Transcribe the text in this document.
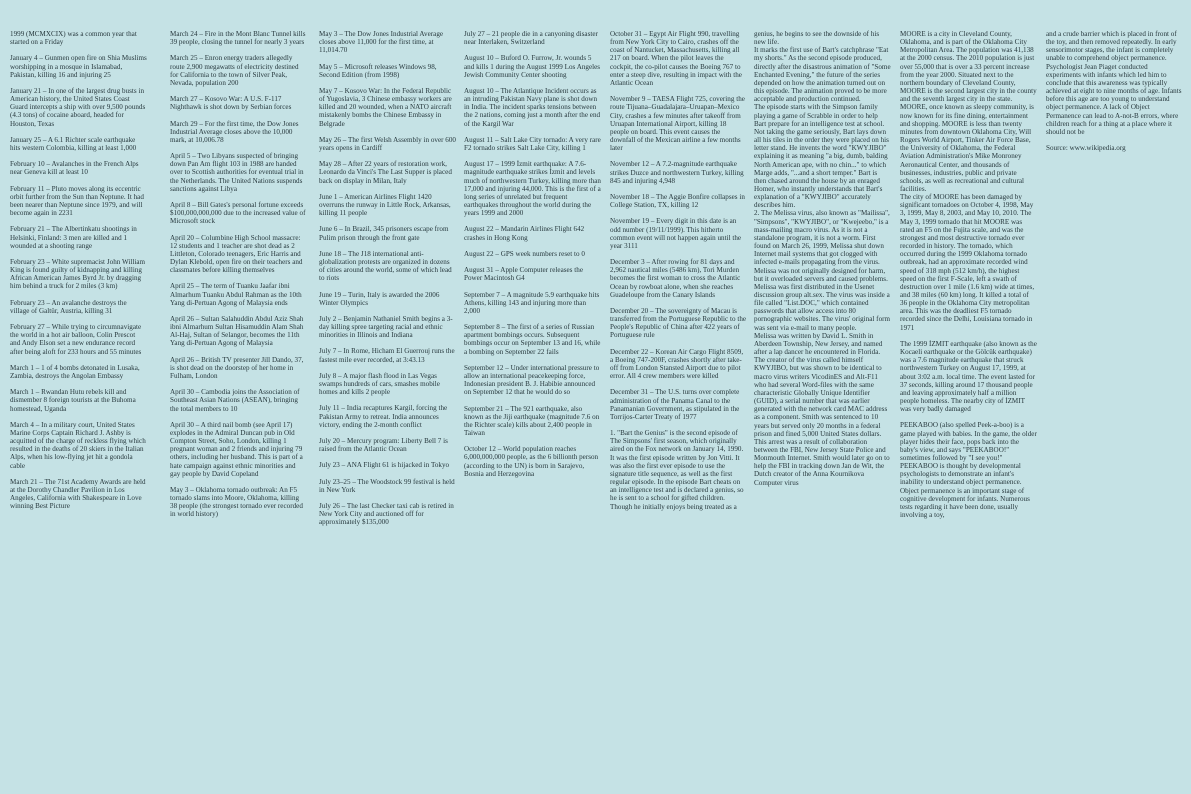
1999 (MCMXCIX) was a common year that started on a Friday

January 4 – Gunmen open fire on Shia Muslims worshipping in a mosque in Islamabad, Pakistan, killing 16 and injuring 25

January 21 – In one of the largest drug busts in American history, the United States Coast Guard intercepts a ship with over 9,500 pounds (4.3 tons) of cocaine aboard, headed for Houston, Texas

January 25 – A 6.1 Richter scale earthquake hits western Colombia, killing at least 1,000

February 10 – Avalanches in the French Alps near Geneva kill at least 10

February 11 – Pluto moves along its eccentric orbit further from the Sun than Neptune. It had been nearer than Neptune since 1979, and will become again in 2231

February 21 – The Albertinkatu shootings in Helsinki, Finland: 3 men are killed and 1 wounded at a shooting range

February 23 – White supremacist John William King is found guilty of kidnapping and killing African American James Byrd Jr. by dragging him behind a truck for 2 miles (3 km)

February 23 – An avalanche destroys the village of Galtür, Austria, killing 31

February 27 – While trying to circumnavigate the world in a hot air balloon, Colin Prescot and Andy Elson set a new endurance record after being aloft for 233 hours and 55 minutes

March 1 – 1 of 4 bombs detonated in Lusaka, Zambia, destroys the Angolan Embassy

March 1 – Rwandan Hutu rebels kill and dismember 8 foreign tourists at the Buhoma homestead, Uganda

March 4 – In a military court, United States Marine Corps Captain Richard J. Ashby is acquitted of the charge of reckless flying which resulted in the deaths of 20 skiers in the Italian Alps, when his low-flying jet hit a gondola cable

March 21 – The 71st Academy Awards are held at the Dorothy Chandler Pavilion in Los Angeles, California with Shakespeare in Love winning Best Picture

March 24 – Fire in the Mont Blanc Tunnel kills 39 people, closing the tunnel for nearly 3 years

March 25 – Enron energy traders allegedly route 2,900 megawatts of electricity destined for California to the town of Silver Peak, Nevada, population 200

March 27 – Kosovo War: A U.S. F-117 Nighthawk is shot down by Serbian forces

March 29 – For the first time, the Dow Jones Industrial Average closes above the 10,000 mark, at 10,006.78

April 5 – Two Libyans suspected of bringing down Pan Am flight 103 in 1988 are handed over to Scottish authorities for eventual trial in the Netherlands. The United Nations suspends sanctions against Libya

April 8 – Bill Gates's personal fortune exceeds $100,000,000,000 due to the increased value of Microsoft stock

April 20 – Columbine High School massacre: 12 students and 1 teacher are shot dead as 2 Littleton, Colorado teenagers, Eric Harris and Dylan Klebold, open fire on their teachers and classmates before killing themselves

April 25 – The term of Tuanku Jaafar ibni Almarhum Tuanku Abdul Rahman as the 10th Yang di-Pertuan Agong of Malaysia ends

April 26 – Sultan Salahuddin Abdul Aziz Shah ibni Almarhum Sultan Hisamuddin Alam Shah Al-Haj, Sultan of Selangor, becomes the 11th Yang di-Pertuan Agong of Malaysia

April 26 – British TV presenter Jill Dando, 37, is shot dead on the doorstep of her home in Fulham, London

April 30 – Cambodia joins the Association of Southeast Asian Nations (ASEAN), bringing the total members to 10

April 30 – A third nail bomb (see April 17) explodes in the Admiral Duncan pub in Old Compton Street, Soho, London, killing 1 pregnant woman and 2 friends and injuring 79 others, including her husband. This is part of a hate campaign against ethnic minorities and gay people by David Copeland

May 3 – Oklahoma tornado outbreak: An F5 tornado slams into Moore, Oklahoma, killing 38 people (the strongest tornado ever recorded in world history)

May 3 – The Dow Jones Industrial Average closes above 11,000 for the first time, at 11,014.70

May 5 – Microsoft releases Windows 98, Second Edition (from 1998)

May 7 – Kosovo War: In the Federal Republic of Yugoslavia, 3 Chinese embassy workers are killed and 20 wounded, when a NATO aircraft mistakenly bombs the Chinese Embassy in Belgrade

May 26 – The first Welsh Assembly in over 600 years opens in Cardiff

May 28 – After 22 years of restoration work, Leonardo da Vinci's The Last Supper is placed back on display in Milan, Italy

June 1 – American Airlines Flight 1420 overruns the runway in Little Rock, Arkansas, killing 11 people

June 6 – In Brazil, 345 prisoners escape from Pulim prison through the front gate

June 18 – The J18 international anti-globalization protests are organized in dozens of cities around the world, some of which lead to riots

June 19 – Turin, Italy is awarded the 2006 Winter Olympics

July 2 – Benjamin Nathaniel Smith begins a 3-day killing spree targeting racial and ethnic minorities in Illinois and Indiana

July 7 – In Rome, Hicham El Guerrouj runs the fastest mile ever recorded, at 3:43.13

July 8 – A major flash flood in Las Vegas swamps hundreds of cars, smashes mobile homes and kills 2 people

July 11 – India recaptures Kargil, forcing the Pakistan Army to retreat. India announces victory, ending the 2-month conflict

July 20 – Mercury program: Liberty Bell 7 is raised from the Atlantic Ocean

July 23 – ANA Flight 61 is hijacked in Tokyo

July 23–25 – The Woodstock 99 festival is held in New York

July 26 – The last Checker taxi cab is retired in New York City and auctioned off for approximately $135,000

July 27 – 21 people die in a canyoning disaster near Interlaken, Switzerland

August 10 – Buford O. Furrow, Jr. wounds 5 and kills 1 during the August 1999 Los Angeles Jewish Community Center shooting

August 10 – The Atlantique Incident occurs as an intruding Pakistan Navy plane is shot down in India. The incident sparks tensions between the 2 nations, coming just a month after the end of the Kargil War

August 11 – Salt Lake City tornado: A very rare F2 tornado strikes Salt Lake City, killing 1

August 17 – 1999 İzmit earthquake: A 7.6-magnitude earthquake strikes İzmit and levels much of northwestern Turkey, killing more than 17,000 and injuring 44,000. This is the first of a long series of unrelated but frequent earthquakes throughout the world during the years 1999 and 2000

August 22 – Mandarin Airlines Flight 642 crashes in Hong Kong

August 22 – GPS week numbers reset to 0

August 31 – Apple Computer releases the Power Macintosh G4

September 7 – A magnitude 5.9 earthquake hits Athens, killing 143 and injuring more than 2,000

September 8 – The first of a series of Russian apartment bombings occurs. Subsequent bombings occur on September 13 and 16, while a bombing on September 22 fails

September 12 – Under international pressure to allow an international peacekeeping force, Indonesian president B. J. Habibie announced on September 12 that he would do so

September 21 – The 921 earthquake, also known as the Jiji earthquake (magnitude 7.6 on the Richter scale) kills about 2,400 people in Taiwan

October 12 – World population reaches 6,000,000,000 people, as the 6 billionth person (according to the UN) is born in Sarajevo, Bosnia and Herzegovina

October 31 – Egypt Air Flight 990, travelling from New York City to Cairo, crashes off the coast of Nantucket, Massachusetts, killing all 217 on board. When the pilot leaves the cockpit, the co-pilot causes the Boeing 767 to enter a steep dive, resulting in impact with the Atlantic Ocean

November 9 – TAESA Flight 725, covering the route Tijuana–Guadalajara–Uruapan–Mexico City, crashes a few minutes after takeoff from Uruapan International Airport, killing 18 people on board. This event causes the downfall of the Mexican airline a few months later

November 12 – A 7.2-magnitude earthquake strikes Duzce and northwestern Turkey, killing 845 and injuring 4,948

November 18 – The Aggie Bonfire collapses in College Station, TX, killing 12

November 19 – Every digit in this date is an odd number (19/11/1999). This hitherto common event will not happen again until the year 3111

December 3 – After rowing for 81 days and 2,962 nautical miles (5486 km), Tori Murden becomes the first woman to cross the Atlantic Ocean by rowboat alone, when she reaches Guadeloupe from the Canary Islands

December 20 – The sovereignty of Macau is transferred from the Portuguese Republic to the People's Republic of China after 422 years of Portuguese rule

December 22 – Korean Air Cargo Flight 8509, a Boeing 747-200F, crashes shortly after take-off from London Stansted Airport due to pilot error. All 4 crew members were killed

December 31 – The U.S. turns over complete administration of the Panama Canal to the Panamanian Government, as stipulated in the Torrijos-Carter Treaty of 1977

1. "Bart the Genius" is the second episode of The Simpsons' first season, which originally aired on the Fox network on January 14, 1990. It was the first episode written by Jon Vitti. It was also the first ever episode to use the signature title sequence, as well as the first regular episode. In the episode Bart cheats on an intelligence test and is declared a genius, so he is sent to a school for gifted children. Though he initially enjoys being treated as a

genius, he begins to see the downside of his new life.
It marks the first use of Bart's catchphrase "Eat my shorts." As the second episode produced, directly after the disastrous animation of "Some Enchanted Evening," the future of the series depended on how the animation turned out on this episode. The animation proved to be more acceptable and production continued.
The episode starts with the Simpson family playing a game of Scrabble in order to help Bart prepare for an intelligence test at school. Not taking the game seriously, Bart lays down all his tiles in the order they were placed on his letter stand. He invents the word "KWYJIBO" explaining it as meaning "a big, dumb, balding North American ape, with no chin..." to which Marge adds, "...and a short temper." Bart is then chased around the house by an enraged Homer, who instantly understands that Bart's explanation of a "KWYJIBO" accurately describes him.
2. The Melissa virus, also known as "Mailissa", "Simpsons", "KWYJIBO", or "Kwejeebo," is a mass-mailing macro virus. As it is not a standalone program, it is not a worm. First found on March 26, 1999, Melissa shut down Internet mail systems that got clogged with infected e-mails propagating from the virus. Melissa was not originally designed for harm, but it overloaded servers and caused problems. Melissa was first distributed in the Usenet discussion group alt.sex. The virus was inside a file called "List.DOC," which contained passwords that allow access into 80 pornographic websites. The virus' original form was sent via e-mail to many people.
Melissa was written by David L. Smith in Aberdeen Township, New Jersey, and named after a lap dancer he encountered in Florida. The creator of the virus called himself KWYJIBO, but was shown to be identical to macro virus writers VicodinES and Alt-F11 who had several Word-files with the same characteristic Globally Unique Identifier (GUID), a serial number that was earlier generated with the network card MAC address as a component. Smith was sentenced to 10 years but served only 20 months in a federal prison and fined 5,000 United States dollars. This arrest was a result of collaboration between the FBI, New Jersey State Police and Monmouth Internet. Smith would later go on to help the FBI in tracking down Jan de Wit, the Dutch creator of the Anna Kournikova Computer virus

MOORE is a city in Cleveland County, Oklahoma, and is part of the Oklahoma City Metropolitan Area. The population was 41,138 at the 2000 census. The 2010 population is just over 55,000 that is over a 33 percent increase from the year 2000. Situated next to the northern boundary of Cleveland County, MOORE is the second largest city in the county and the seventh largest city in the state. MOORE, once known as sleepy community, is now known for its fine dining, entertainment and shopping. MOORE is less than twenty minutes from downtown Oklahoma City, Will Rogers World Airport, Tinker Air Force Base, the University of Oklahoma, the Federal Aviation Administration's Mike Monroney Aeronautical Center, and thousands of businesses, industries, public and private schools, as well as recreational and cultural facilities.
The city of MOORE has been damaged by significant tornadoes on October 4, 1998, May 3, 1999, May 8, 2003, and May 10, 2010. The May 3, 1999 tornado that hit MOORE was rated an F5 on the Fujita scale, and was the strongest and most destructive tornado ever recorded in history. The tornado, which occurred during the 1999 Oklahoma tornado outbreak, had an approximate recorded wind speed of 318 mph (512 km/h), the highest speed on the first F-Scale, left a swath of destruction over 1 mile (1.6 km) wide at times, and 38 miles (60 km) long. It killed a total of 36 people in the Oklahoma City metropolitan area. This was the deadliest F5 tornado recorded since the Delhi, Louisiana tornado in 1971

The 1999 İZMIT earthquake (also known as the Kocaeli earthquake or the Gölcük earthquake) was a 7.6 magnitude earthquake that struck northwestern Turkey on August 17, 1999, at about 3:02 a.m. local time. The event lasted for 37 seconds, killing around 17 thousand people and leaving approximately half a million people homeless. The nearby city of İZMIT was very badly damaged

PEEKABOO (also spelled Peek-a-boo) is a game played with babies. In the game, the older player hides their face, pops back into the baby's view, and says "PEEKABOO!" sometimes followed by "I see you!" PEEKABOO is thought by developmental psychologists to demonstrate an infant's inability to understand object permanence. Object permanence is an important stage of cognitive development for infants. Numerous tests regarding it have been done, usually involving a toy,

and a crude barrier which is placed in front of the toy, and then removed repeatedly. In early sensorimotor stages, the infant is completely unable to comprehend object permanence. Psychologist Jean Piaget conducted experiments with infants which led him to conclude that this awareness was typically achieved at eight to nine months of age. Infants before this age are too young to understand object permanence. A lack of Object Permanence can lead to A-not-B errors, where children reach for a thing at a place where it should not be

Source: www.wikipedia.org
